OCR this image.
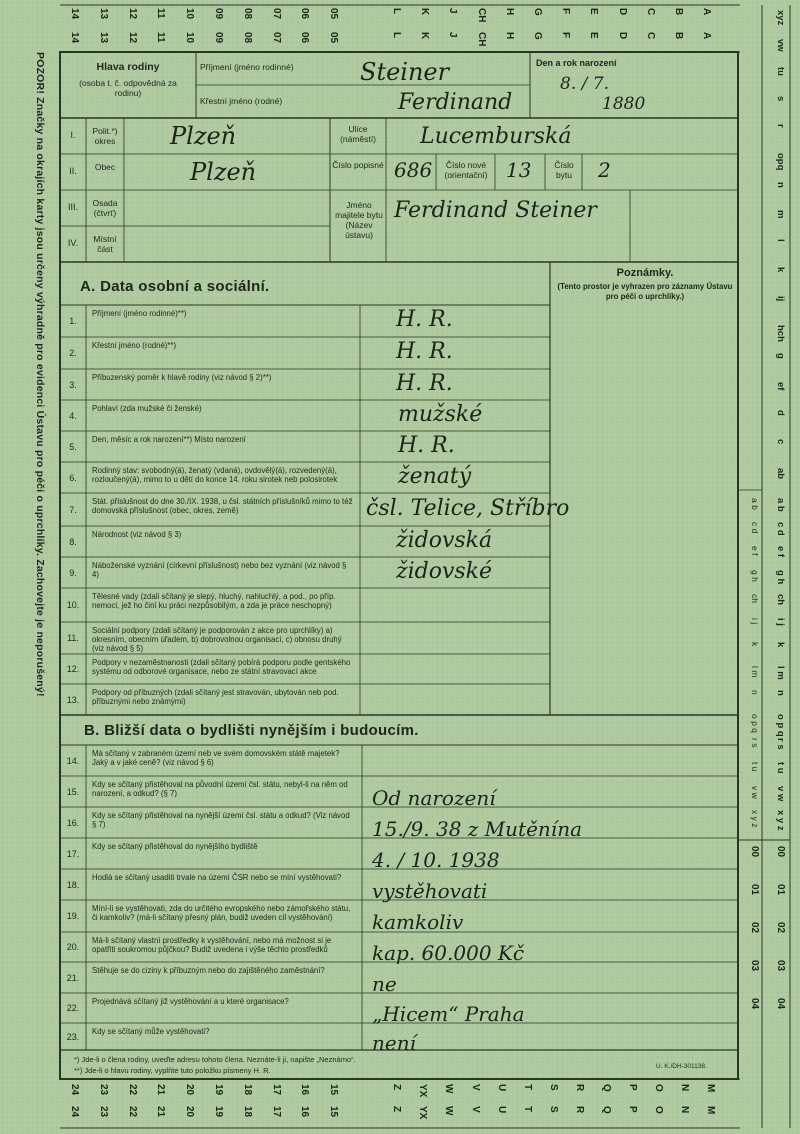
POZOR! Značky na okrajích karty jsou určeny výhradně pro evidenci Ústavu pro péči o uprchlíky. Zachovejte je neporušený!
14
14
13
13
12
12
11
11
10
10
09
09
08
08
07
07
06
06
05
05
L
L
K
K
J
J
CH
CH
H
H
G
G
F
F
E
E
D
D
C
C
B
B
A
A
xyz
vw
tu
s
r
opq
n
m
l
k
ij
hch
g
ef
d
c
ab
a b a b
c d c d
e f e f
g h g h
ch ch
i j i j
k k
l m l m
n n
o p q o p q
r s r s
t u t u
v w v w
x y z x y z
00 00
01 01
02 02
03 03
04 04
24
24
23
23
22
22
21
21
20
20
19
19
18
18
17
17
16
16
15
15
Z
Z
YX
YX
W
W
V
V
U
U
T
T
S
S
R
R
Q
Q
P
P
O
O
N
N
M
M
Hlava rodiny
(osoba t. č. odpovědná za rodinu)
Příjmení (jméno rodinné)
Křestní jméno (rodné)
Steiner
Ferdinand
Den a rok narození
8. / 7.
1880
I.	Polit.*) okres Plzeň
II.	Obec	Plzeň
III.	Osada (čtvrť)
IV.	Místní část
Ulice (náměstí)	Lucemburská
Číslo popisné 686	Číslo nové (orientační) 13	Číslo bytu	2
Jméno majitele bytu (Název ústavu)
Ferdinand Steiner
A. Data osobní a sociální.
Poznámky.
(Tento prostor je vyhrazen pro záznamy Ústavu pro péči o uprchlíky.)
1.
Příjmení (jméno rodinné)**)	H. R.
2.
Křestní jméno (rodné)**)	H. R.
3.
Příbuzenský poměr k hlavě rodiny (viz návod § 2)**)	H. R.
4.
Pohlaví (zda mužské či ženské)	mužské
5.
Den, měsíc a rok narození**) Místo narození	H. R.
6.
Rodinný stav: svobodný(á), ženatý (vdaná), ovdovělý(á), rozvedený(á), rozloučený(á), mimo to u dětí do konce 14. roku sirotek neb polosirotek	ženatý
7.
Stát. příslušnost do dne 30./IX. 1938, u čsl. státních příslušníků mimo to též domovská příslušnost (obec, okres, země)	čsl. Telice, Stříbro
8.
Národnost (viz návod § 3)	židovská
9.
Náboženské vyznání (církevní příslušnost) nebo bez vyznání (viz návod § 4)	židovské
10.
Tělesné vady (zdali sčítaný je slepý, hluchý, nahluchlý, a pod., po příp. nemoci, jež ho činí ku práci nezpůsobilým, a zda je práce neschopný)
11.
Sociální podpory (zdali sčítaný je podporován z akce pro uprchlíky) a) okresním, obecním úřadem, b) dobrovolnou organisací, c) obnosu druhý (viz návod § 5)
12.
Podpory v nezaměstnanosti (zdali sčítaný pobírá podporu podle gentského systému od odborové organisace, nebo ze státní stravovací akce
13.
Podpory od příbuzných (zdali sčítaný jest stravován, ubytován neb pod. příbuznými nebo známými)
B. Bližší data o bydlišti nynějším i budoucím.
14.
Má sčítaný v zabraném území neb ve svém domovském státě majetek? Jaký a v jaké ceně? (viz návod § 6)
15.
Kdy se sčítaný přistěhoval na původní území čsl. státu, nebyl-li na něm od narození, a odkud? (§ 7)	Od narození
16.
Kdy se sčítaný přistěhoval na nynější území čsl. státu a odkud? (Viz návod § 7)	15./9. 38 z Mutěnína
17.
Kdy se sčítaný přistěhoval do nynějšího bydliště
4. / 10. 1938
18.
Hodlá se sčítaný usaditi trvale na území ČSR nebo se míní vystěhovati?
vystěhovati
19.
Míní-li se vystěhovati, zda do určitého evropského nebo zámořského státu, či kamkoliv? (má-li sčítaný přesný plán, budiž uveden cíl vystěhování)	kamkoliv
20.
Má-li sčítaný vlastní prostředky k vystěhování, nebo má možnost si je opatřiti soukromou půjčkou? Budiž uvedena i výše těchto prostředků	kap. 60.000 Kč
21.
Stěhuje se do ciziny k příbuzným nebo do zajištěného zaměstnání?
ne
22.
Projednává sčítaný již vystěhování a u které organisace?
„Hicem“ Praha
23.	Kdy se sčítaný může vystěhovati?	není
*) Jde-li o člena rodiny, uveďte adresu tohoto člena. Neznáte-li ji, napište „Neznámo“.
**) Jde-li o hlavu rodiny, vyplňte tuto položku písmeny H. R.	U. K./DH-301138.
